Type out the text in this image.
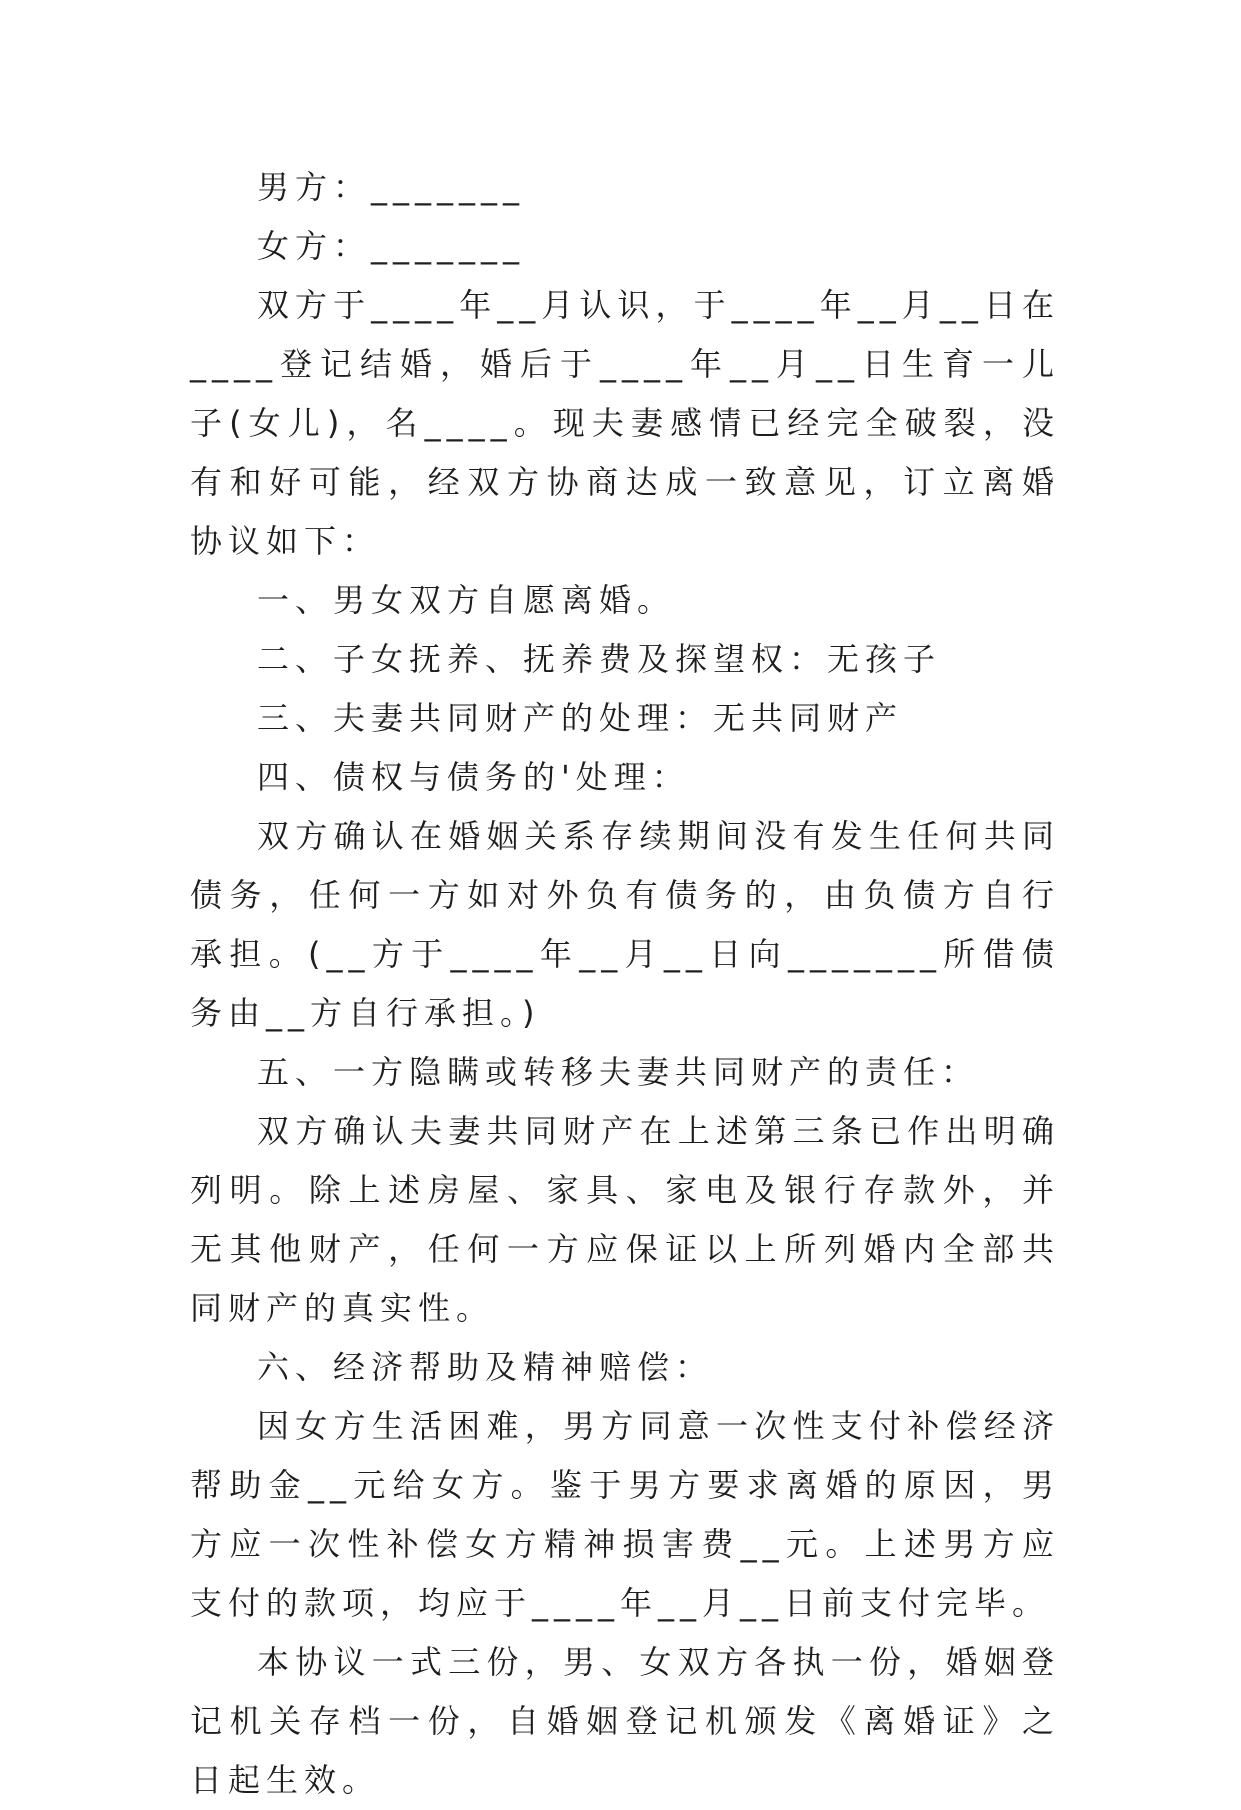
男方：_______

女方：_______

双方于____年__月认识，于____年__月__日在____登记结婚，婚后于____年__月__日生育一儿子(女儿)，名____。现夫妻感情已经完全破裂，没有和好可能，经双方协商达成一致意见，订立离婚协议如下：

一、男女双方自愿离婚。

二、子女抚养、抚养费及探望权：无孩子

三、夫妻共同财产的处理：无共同财产

四、债权与债务的'处理：

双方确认在婚姻关系存续期间没有发生任何共同债务，任何一方如对外负有债务的，由负债方自行承担。(__方于____年__月__日向_______所借债务由__方自行承担。)

五、一方隐瞒或转移夫妻共同财产的责任：

双方确认夫妻共同财产在上述第三条已作出明确列明。除上述房屋、家具、家电及银行存款外，并无其他财产，任何一方应保证以上所列婚内全部共同财产的真实性。

六、经济帮助及精神赔偿：

因女方生活困难，男方同意一次性支付补偿经济帮助金__元给女方。鉴于男方要求离婚的原因，男方应一次性补偿女方精神损害费__元。上述男方应支付的款项，均应于____年__月__日前支付完毕。

本协议一式三份，男、女双方各执一份，婚姻登记机关存档一份，自婚姻登记机颁发《离婚证》之日起生效。
